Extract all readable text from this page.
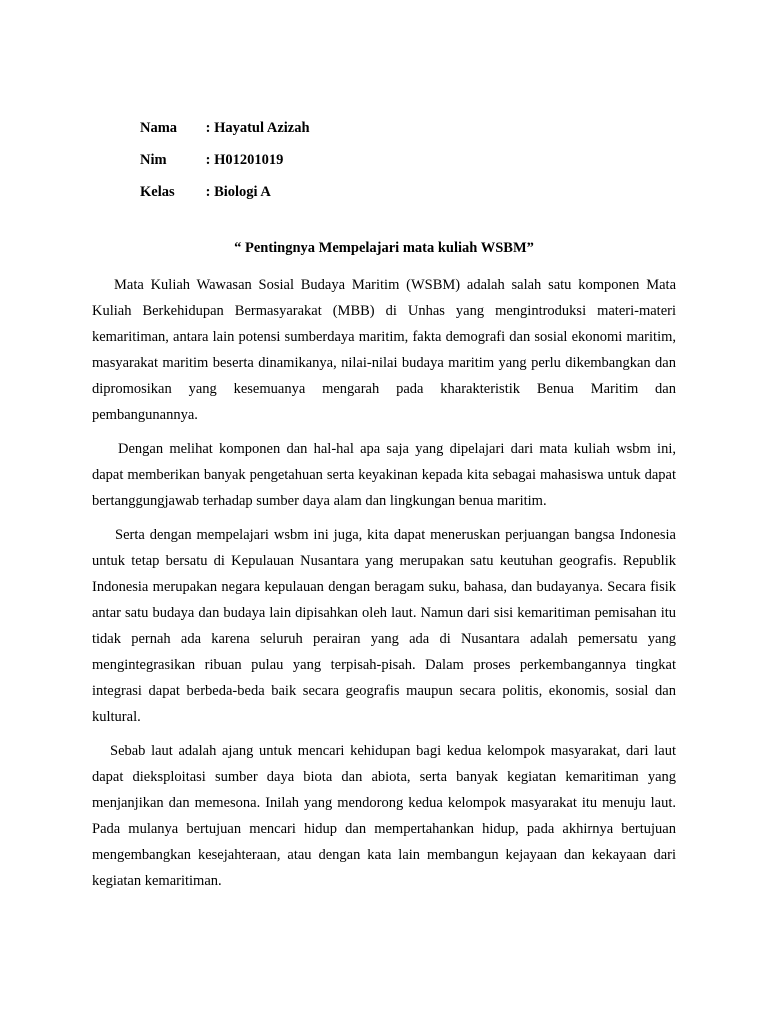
Nama : Hayatul Azizah
Nim	: H01201019
Kelas : Biologi A
“ Pentingnya Mempelajari mata kuliah WSBM”

Mata Kuliah Wawasan Sosial Budaya Maritim (WSBM) adalah salah satu komponen Mata Kuliah Berkehidupan Bermasyarakat (MBB) di Unhas yang mengintroduksi materi-materi kemaritiman, antara lain potensi sumberdaya maritim, fakta demografi dan sosial ekonomi maritim, masyarakat maritim beserta dinamikanya, nilai-nilai budaya maritim yang perlu dikembangkan dan dipromosikan yang kesemuanya mengarah pada kharakteristik Benua Maritim dan pembangunannya.

Dengan melihat komponen dan hal-hal apa saja yang dipelajari dari mata kuliah wsbm ini, dapat memberikan banyak pengetahuan serta keyakinan kepada kita sebagai mahasiswa untuk dapat bertanggungjawab terhadap sumber daya alam dan lingkungan benua maritim.

Serta dengan mempelajari wsbm ini juga, kita dapat meneruskan perjuangan bangsa Indonesia untuk tetap bersatu di Kepulauan Nusantara yang merupakan satu keutuhan geografis. Republik Indonesia merupakan negara kepulauan dengan beragam suku, bahasa, dan budayanya. Secara fisik antar satu budaya dan budaya lain dipisahkan oleh laut. Namun dari sisi kemaritiman pemisahan itu tidak pernah ada karena seluruh perairan yang ada di Nusantara adalah pemersatu yang mengintegrasikan ribuan pulau yang terpisah-pisah. Dalam proses perkembangannya tingkat integrasi dapat berbeda-beda baik secara geografis maupun secara politis, ekonomis, sosial dan kultural.

Sebab laut adalah ajang untuk mencari kehidupan bagi kedua kelompok masyarakat, dari laut dapat dieksploitasi sumber daya biota dan abiota, serta banyak kegiatan kemaritiman yang menjanjikan dan memesona. Inilah yang mendorong kedua kelompok masyarakat itu menuju laut. Pada mulanya bertujuan mencari hidup dan mempertahankan hidup, pada akhirnya bertujuan mengembangkan kesejahteraan, atau dengan kata lain membangun kejayaan dan kekayaan dari kegiatan kemaritiman.
